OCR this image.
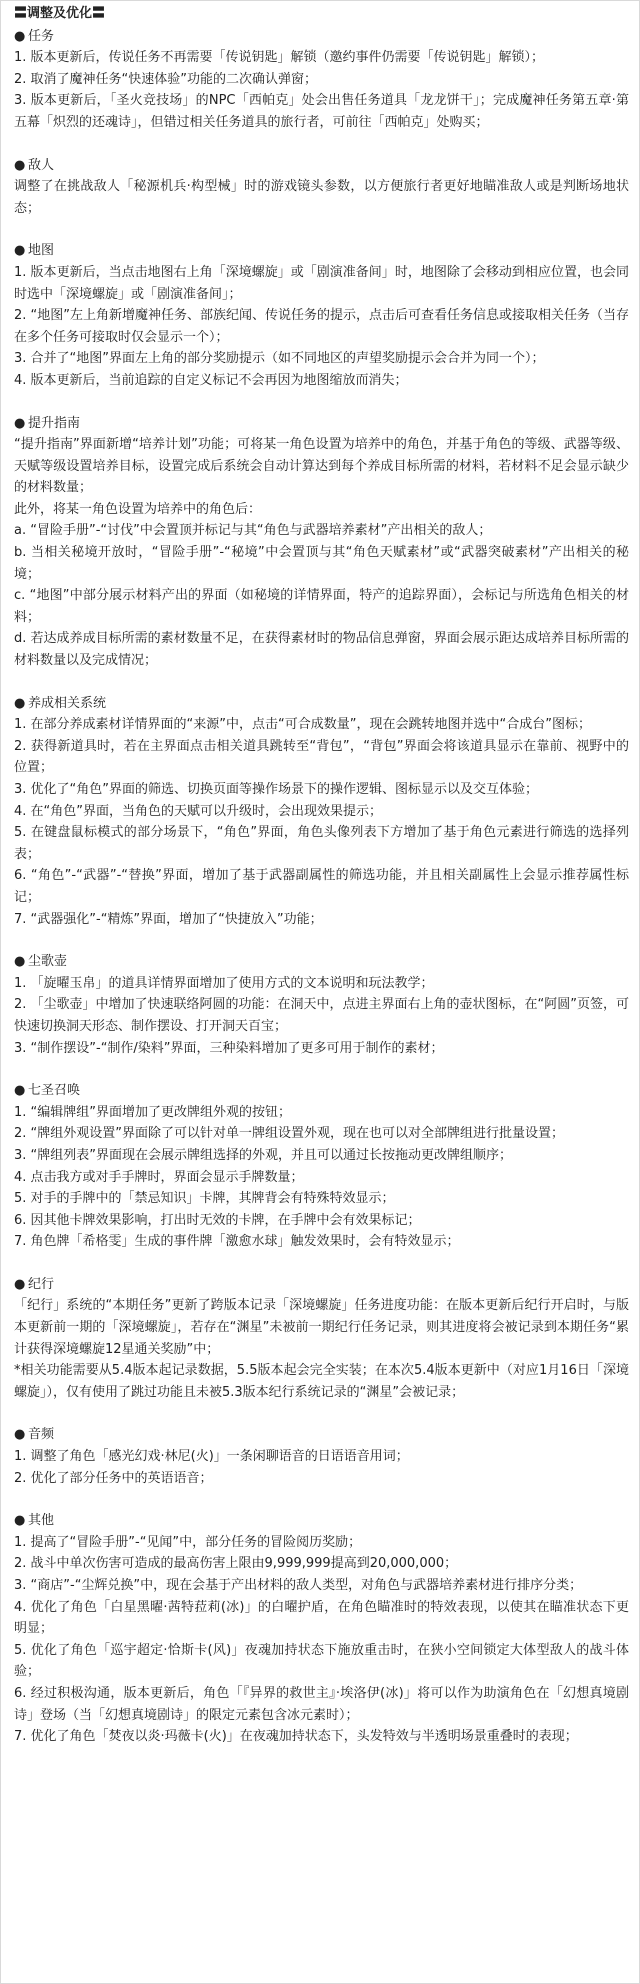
〓调整及优化〓
● 任务
1. 版本更新后，传说任务不再需要「传说钥匙」解锁（邀约事件仍需要「传说钥匙」解锁）；
2. 取消了魔神任务“快速体验”功能的二次确认弹窗；
3. 版本更新后，「圣火竞技场」的NPC「西帕克」处会出售任务道具「龙龙饼干」；完成魔神任务第五章·第五幕「炽烈的还魂诗」，但错过相关任务道具的旅行者，可前往「西帕克」处购买；
● 敌人
调整了在挑战敌人「秘源机兵·构型械」时的游戏镜头参数，以方便旅行者更好地瞄准敌人或是判断场地状态；
● 地图
1. 版本更新后，当点击地图右上角「深境螺旋」或「剧演准备间」时，地图除了会移动到相应位置，也会同时选中「深境螺旋」或「剧演准备间」；
2. “地图”左上角新增魔神任务、部族纪闻、传说任务的提示，点击后可查看任务信息或接取相关任务（当存在多个任务可接取时仅会显示一个）；
3. 合并了“地图”界面左上角的部分奖励提示（如不同地区的声望奖励提示会合并为同一个）；
4. 版本更新后，当前追踪的自定义标记不会再因为地图缩放而消失；
● 提升指南
“提升指南”界面新增“培养计划”功能；可将某一角色设置为培养中的角色，并基于角色的等级、武器等级、天赋等级设置培养目标，设置完成后系统会自动计算达到每个养成目标所需的材料，若材料不足会显示缺少的材料数量；
此外，将某一角色设置为培养中的角色后：
a. “冒险手册”-“讨伐”中会置顶并标记与其“角色与武器培养素材”产出相关的敌人；
b. 当相关秘境开放时，“冒险手册”-“秘境”中会置顶与其“角色天赋素材”或“武器突破素材”产出相关的秘境；
c. “地图”中部分展示材料产出的界面（如秘境的详情界面，特产的追踪界面），会标记与所选角色相关的材料；
d. 若达成养成目标所需的素材数量不足，在获得素材时的物品信息弹窗，界面会展示距达成培养目标所需的材料数量以及完成情况；
● 养成相关系统
1. 在部分养成素材详情界面的“来源”中，点击“可合成数量”，现在会跳转地图并选中“合成台”图标；
2. 获得新道具时，若在主界面点击相关道具跳转至“背包”，“背包”界面会将该道具显示在靠前、视野中的位置；
3. 优化了“角色”界面的筛选、切换页面等操作场景下的操作逻辑、图标显示以及交互体验；
4. 在“角色”界面，当角色的天赋可以升级时，会出现效果提示；
5. 在键盘鼠标模式的部分场景下，“角色”界面，角色头像列表下方增加了基于角色元素进行筛选的选择列表；
6. “角色”-“武器”-“替换”界面，增加了基于武器副属性的筛选功能，并且相关副属性上会显示推荐属性标记；
7. “武器强化”-“精炼”界面，增加了“快捷放入”功能；
● 尘歌壶
1. 「旋曜玉帛」的道具详情界面增加了使用方式的文本说明和玩法教学；
2. 「尘歌壶」中增加了快速联络阿圆的功能：在洞天中，点进主界面右上角的壶状图标，在“阿圆”页签，可快速切换洞天形态、制作摆设、打开洞天百宝；
3. “制作摆设”-“制作/染料”界面，三种染料增加了更多可用于制作的素材；
● 七圣召唤
1. “编辑牌组”界面增加了更改牌组外观的按钮；
2. “牌组外观设置”界面除了可以针对单一牌组设置外观，现在也可以对全部牌组进行批量设置；
3. “牌组列表”界面现在会展示牌组选择的外观，并且可以通过长按拖动更改牌组顺序；
4. 点击我方或对手手牌时，界面会显示手牌数量；
5. 对手的手牌中的「禁忌知识」卡牌，其牌背会有特殊特效显示；
6. 因其他卡牌效果影响，打出时无效的卡牌，在手牌中会有效果标记；
7. 角色牌「希格雯」生成的事件牌「激愈水球」触发效果时，会有特效显示；
● 纪行
「纪行」系统的“本期任务”更新了跨版本记录「深境螺旋」任务进度功能：在版本更新后纪行开启时，与版本更新前一期的「深境螺旋」，若存在“渊星”未被前一期纪行任务记录，则其进度将会被记录到本期任务“累计获得深境螺旋12星通关奖励”中；
*相关功能需要从5.4版本起记录数据，5.5版本起会完全实装；在本次5.4版本更新中（对应1月16日「深境螺旋」），仅有使用了跳过功能且未被5.3版本纪行系统记录的“渊星”会被记录；
● 音频
1. 调整了角色「感光幻戏·林尼(火)」一条闲聊语音的日语语音用词；
2. 优化了部分任务中的英语语音；
● 其他
1. 提高了“冒险手册”-“见闻”中，部分任务的冒险阅历奖励；
2. 战斗中单次伤害可造成的最高伤害上限由9,999,999提高到20,000,000；
3. “商店”-“尘辉兑换”中，现在会基于产出材料的敌人类型，对角色与武器培养素材进行排序分类；
4. 优化了角色「白星黑曜·茜特菈莉(冰)」的白曜护盾，在角色瞄准时的特效表现，以使其在瞄准状态下更明显；
5. 优化了角色「巡宇超定·恰斯卡(风)」夜魂加持状态下施放重击时，在狭小空间锁定大体型敌人的战斗体验；
6. 经过积极沟通，版本更新后，角色「『异界的救世主』·埃洛伊(冰)」将可以作为助演角色在「幻想真境剧诗」登场（当「幻想真境剧诗」的限定元素包含冰元素时）；
7. 优化了角色「焚夜以炎·玛薇卡(火)」在夜魂加持状态下，头发特效与半透明场景重叠时的表现；
